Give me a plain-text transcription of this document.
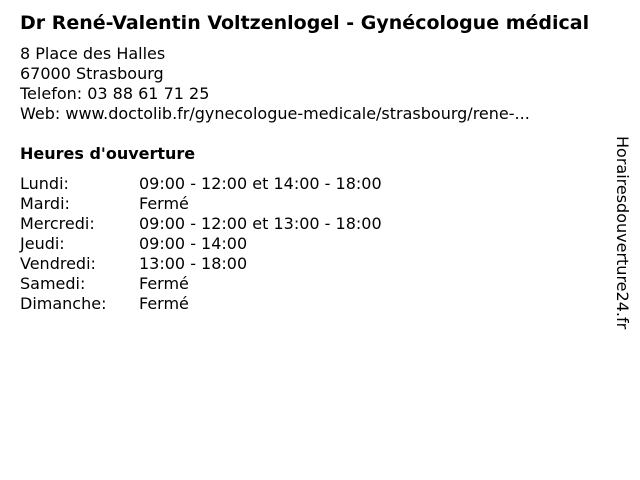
Dr René-Valentin Voltzenlogel - Gynécologue médical
8 Place des Halles
67000 Strasbourg
Telefon: 03 88 61 71 25
Web: www.doctolib.fr/gynecologue-medicale/strasbourg/rene-...
Heures d'ouverture
Lundi:	09:00 - 12:00 et 14:00 - 18:00
Mardi:	Fermé
Mercredi:	09:00 - 12:00 et 13:00 - 18:00
Jeudi:	09:00 - 14:00
Vendredi:	13:00 - 18:00
Samedi:	Fermé
Dimanche: Fermé	Horairesdouverture24.fr
